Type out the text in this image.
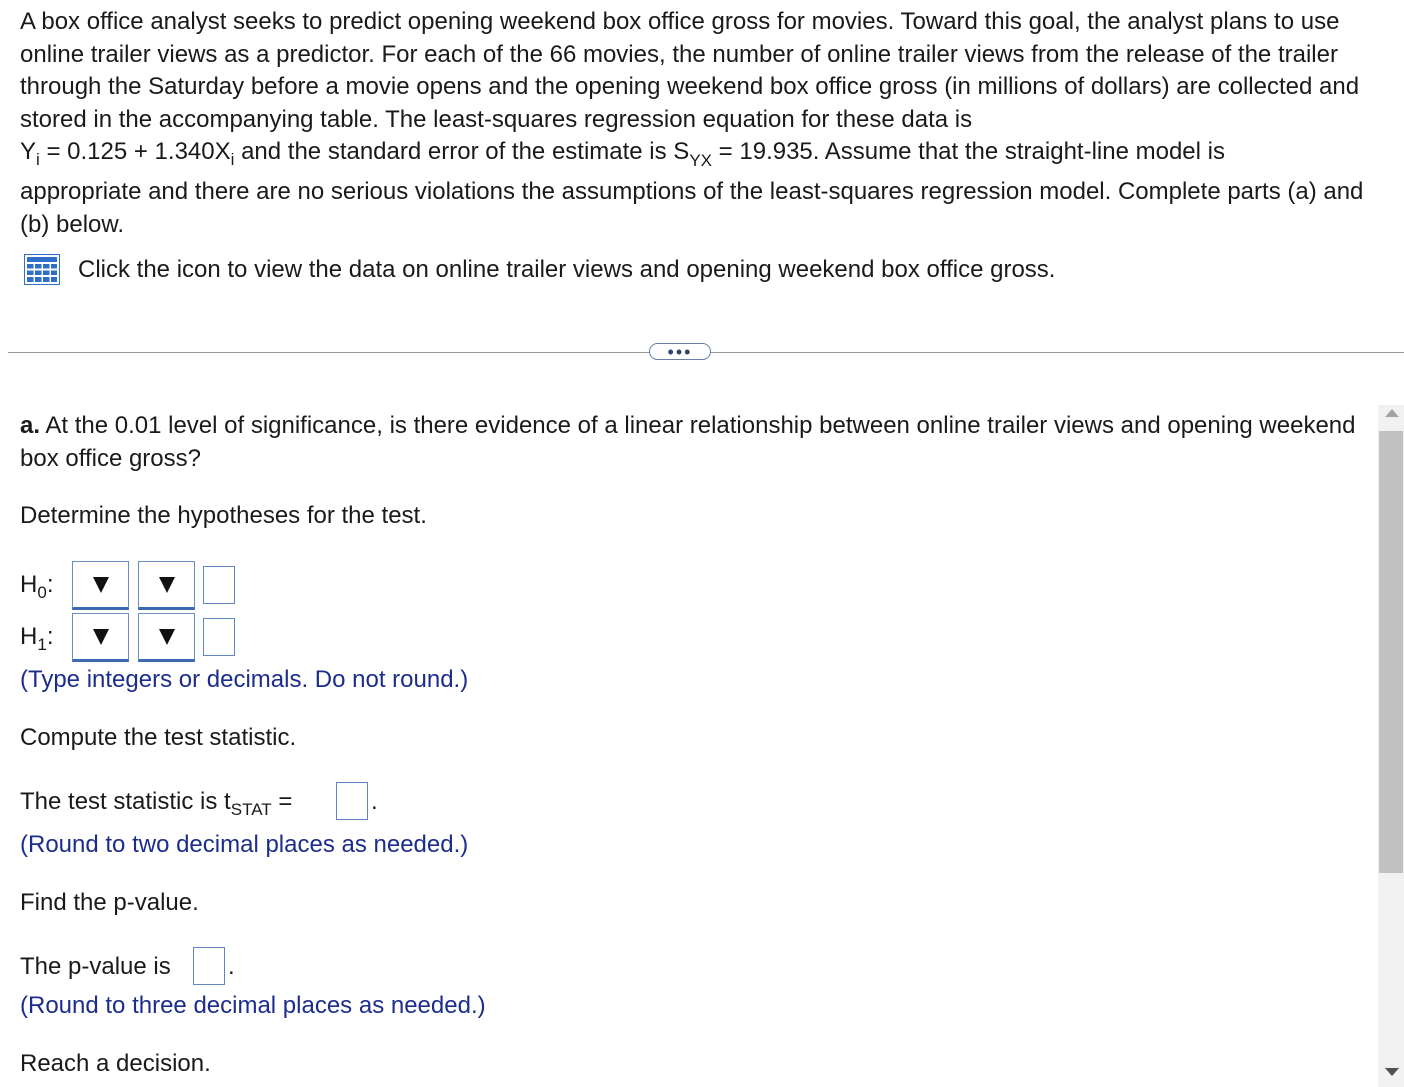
A box office analyst seeks to predict opening weekend box office gross for movies. Toward this goal, the analyst plans to use online trailer views as a predictor. For each of the 66 movies, the number of online trailer views from the release of the trailer through the Saturday before a movie opens and the opening weekend box office gross (in millions of dollars) are collected and stored in the accompanying table. The least-squares regression equation for these data is

$Y_i = 0.125 + 1.340X_i$ and the standard error of the estimate is $S_{YX} = 19.935$. Assume that the straight-line model is

appropriate and there are no serious violations the assumptions of the least-squares regression model. Complete parts (a) and (b) below.

Click the icon to view the data on online trailer views and opening weekend box office gross.
•••
a. At the 0.01 level of significance, is there evidence of a linear relationship between online trailer views and opening weekend box office gross?
Determine the hypotheses for the test.
$H_0$:
$H_1$:
(Type integers or decimals. Do not round.)
Compute the test statistic.
The test statistic is $t_{STAT}$ =	.
(Round to two decimal places as needed.)
Find the p-value.
The p-value is .
(Round to three decimal places as needed.)
Reach a decision.
